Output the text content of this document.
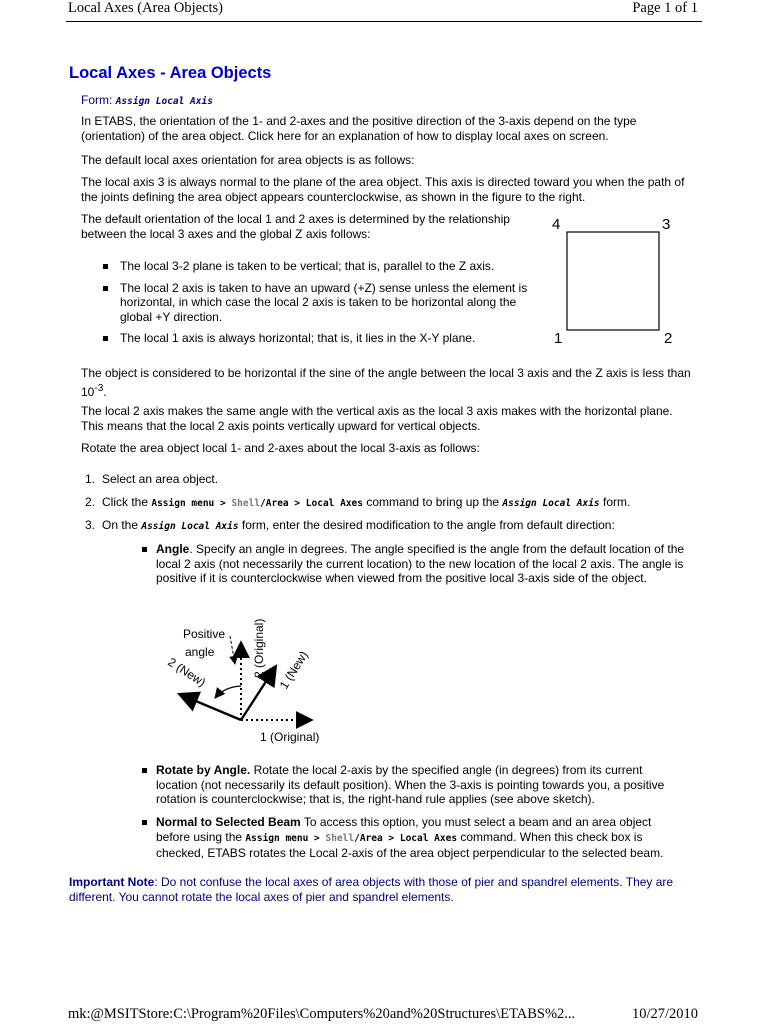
Local Axes (Area Objects)	Page 1 of 1
Local Axes - Area Objects
Form: Assign Local Axis

In ETABS, the orientation of the 1- and 2-axes and the positive direction of the 3-axis depend on the type (orientation) of the area object. Click here for an explanation of how to display local axes on screen.

The default local axes orientation for area objects is as follows:

The local axis 3 is always normal to the plane of the area object. This axis is directed toward you when the path of the joints defining the area object appears counterclockwise, as shown in the figure to the right.

The default orientation of the local 1 and 2 axes is determined by the relationship between the local 3 axes and the global Z axis follows:

4	3
1	2
The local 3-2 plane is taken to be vertical; that is, parallel to the Z axis.
The local 2 axis is taken to have an upward (+Z) sense unless the element is horizontal, in which case the local 2 axis is taken to be horizontal along the global +Y direction.
The local 1 axis is always horizontal; that is, it lies in the X-Y plane.

The object is considered to be horizontal if the sine of the angle between the local 3 axis and the Z axis is less than $10^{-3}$.

The local 2 axis makes the same angle with the vertical axis as the local 3 axis makes with the horizontal plane. This means that the local 2 axis points vertically upward for vertical objects.

Rotate the area object local 1- and 2-axes about the local 3-axis as follows:

1. Select an area object.
2. Click the Assign menu > Shell/Area > Local Axes command to bring up the Assign Local Axis form.
3. On the Assign Local Axis form, enter the desired modification to the angle from default direction:
Angle. Specify an angle in degrees. The angle specified is the angle from the default location of the local 2 axis (not necessarily the current location) to the new location of the local 2 axis. The angle is positive if it is counterclockwise when viewed from the positive local 3-axis side of the object.
Positive
angle	2 (Original)
2 (New)	1 (New)
1 (Original)
Rotate by Angle. Rotate the local 2-axis by the specified angle (in degrees) from its current location (not necessarily its default position). When the 3-axis is pointing towards you, a positive rotation is counterclockwise; that is, the right-hand rule applies (see above sketch).
Normal to Selected Beam To access this option, you must select a beam and an area object before using the Assign menu > Shell/Area > Local Axes command. When this check box is checked, ETABS rotates the Local 2-axis of the area object perpendicular to the selected beam.

Important Note: Do not confuse the local axes of area objects with those of pier and spandrel elements. They are different. You cannot rotate the local axes of pier and spandrel elements.

mk:@MSITStore:C:\Program%20Files\Computers%20and%20Structures\ETABS%2...	10/27/2010
